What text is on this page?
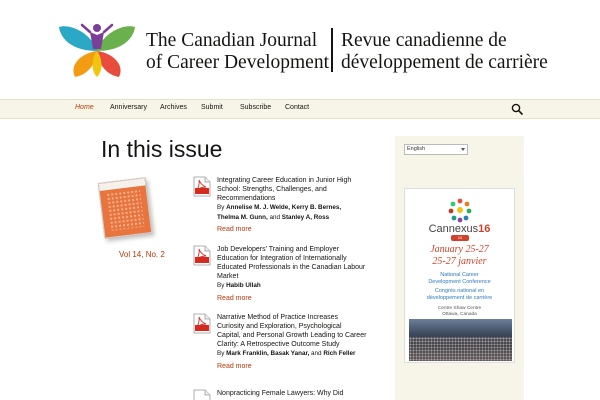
The Canadian Journal
of Career Development
Revue canadienne de
développement de carrière
Home Anniversary Archives Submit Subscribe Contact
In this issue
Vol 14, No. 2
Integrating Career Education in Junior High School: Strengths, Challenges, and Recommendations
By Annelise M. J. Welde, Kerry B. Bernes,
Thelma M. Gunn, and Stanley A, Ross
Read more
Job Developers' Training and Employer Education for Integration of Internationally Educated Professionals in the Canadian Labour Market
By Habib Ullah
Read more
Narrative Method of Practice Increases Curiosity and Exploration, Psychological Capital, and Personal Growth Leading to Career Clarity: A Retrospective Outcome Study
By Mark Franklin, Basak Yanar, and Rich Feller
Read more
Nonpracticing Female Lawyers: Why Did
English
Cannexus16
10
January 25-27
25-27 janvier
National Career
Development Conference
Congrès national en
développement de carrière
Centre Shaw Centre
Ottawa, Canada
